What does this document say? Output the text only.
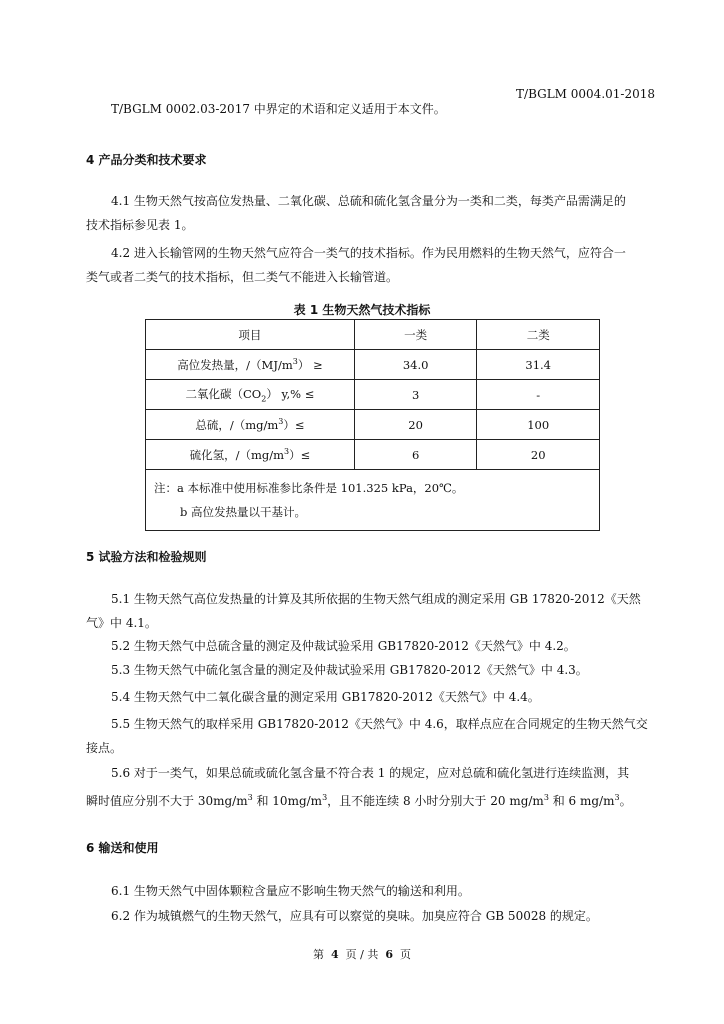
T/BGLM 0004.01-2018
T/BGLM 0002.03-2017 中界定的术语和定义适用于本文件。
4 产品分类和技术要求
4.1 生物天然气按高位发热量、二氧化碳、总硫和硫化氢含量分为一类和二类，每类产品需满足的
技术指标参见表 1。
4.2 进入长输管网的生物天然气应符合一类气的技术指标。作为民用燃料的生物天然气，应符合一
类气或者二类气的技术指标，但二类气不能进入长输管道。
表 1 生物天然气技术指标
项目	一类	二类
高位发热量，$/(MJ/m^3)$ ≥	34.0	31.4
二氧化碳$(CO_2) y,\%$ ≤	3	-
总硫，$/(mg/m^3)\le$	20	100
硫化氢，$/(mg/m^3)\le$	6	20

注：a 本标准中使用标准参比条件是 101.325 kPa，20℃。
b 高位发热量以干基计。		
5 试验方法和检验规则
5.1 生物天然气高位发热量的计算及其所依据的生物天然气组成的测定采用 GB 17820-2012《天然
气》中 4.1。
5.2 生物天然气中总硫含量的测定及仲裁试验采用 GB17820-2012《天然气》中 4.2。
5.3 生物天然气中硫化氢含量的测定及仲裁试验采用 GB17820-2012《天然气》中 4.3。
5.4 生物天然气中二氧化碳含量的测定采用 GB17820-2012《天然气》中 4.4。
5.5 生物天然气的取样采用 GB17820-2012《天然气》中 4.6，取样点应在合同规定的生物天然气交
接点。
5.6 对于一类气，如果总硫或硫化氢含量不符合表 1 的规定，应对总硫和硫化氢进行连续监测，其
瞬时值应分别不大于 $30mg/m^3$ 和 $10mg/m^3$，且不能连续 8 小时分别大于 20 $mg/m^3$ 和 6 $mg/m^3$。
6 输送和使用
6.1 生物天然气中固体颗粒含量应不影响生物天然气的输送和利用。
6.2 作为城镇燃气的生物天然气，应具有可以察觉的臭味。加臭应符合 GB 50028 的规定。
第 4 页 / 共 6 页
